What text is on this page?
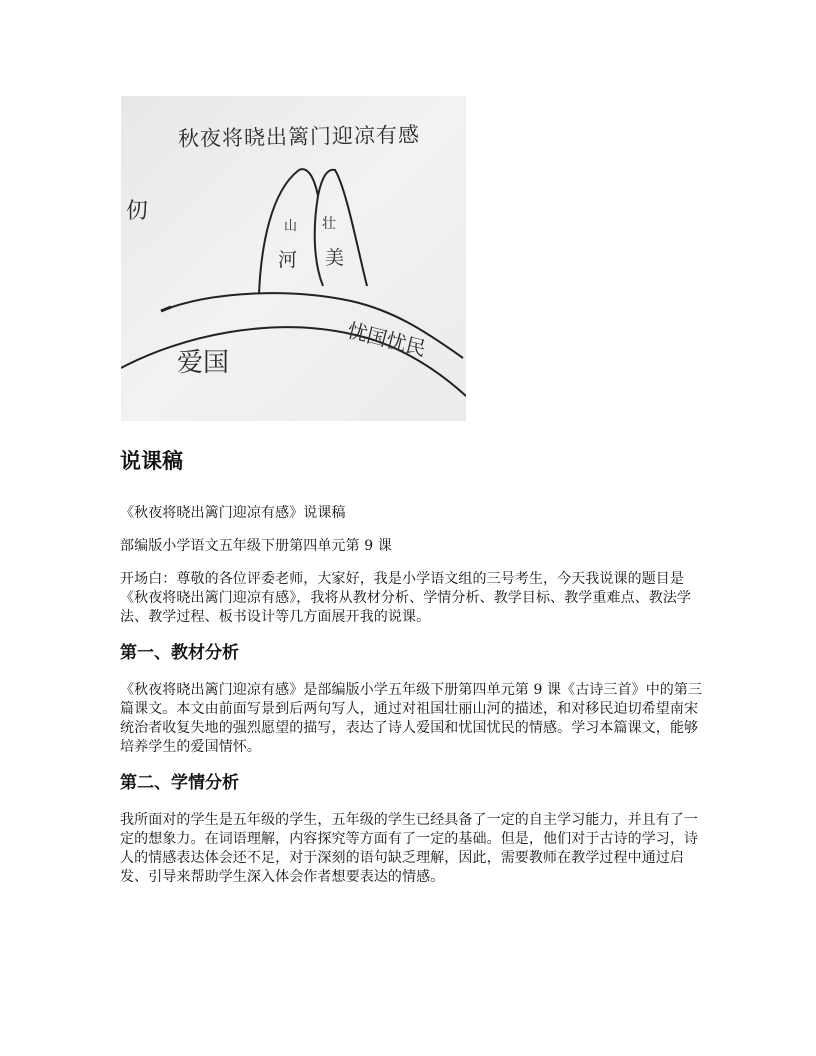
秋夜将晓出篱门迎凉有感
仞
山
河
壮
美
爱国
忧国忧民
说课稿

《秋夜将晓出篱门迎凉有感》说课稿

部编版小学语文五年级下册第四单元第 9 课

开场白：尊敬的各位评委老师，大家好，我是小学语文组的三号考生，今天我说课的题目是《秋夜将晓出篱门迎凉有感》，我将从教材分析、学情分析、教学目标、教学重难点、教法学法、教学过程、板书设计等几方面展开我的说课。

第一、教材分析

《秋夜将晓出篱门迎凉有感》是部编版小学五年级下册第四单元第 9 课《古诗三首》中的第三篇课文。本文由前面写景到后两句写人，通过对祖国壮丽山河的描述，和对移民迫切希望南宋统治者收复失地的强烈愿望的描写，表达了诗人爱国和忧国忧民的情感。学习本篇课文，能够培养学生的爱国情怀。

第二、学情分析

我所面对的学生是五年级的学生，五年级的学生已经具备了一定的自主学习能力，并且有了一定的想象力。在词语理解，内容探究等方面有了一定的基础。但是，他们对于古诗的学习，诗人的情感表达体会还不足，对于深刻的语句缺乏理解，因此，需要教师在教学过程中通过启发、引导来帮助学生深入体会作者想要表达的情感。
